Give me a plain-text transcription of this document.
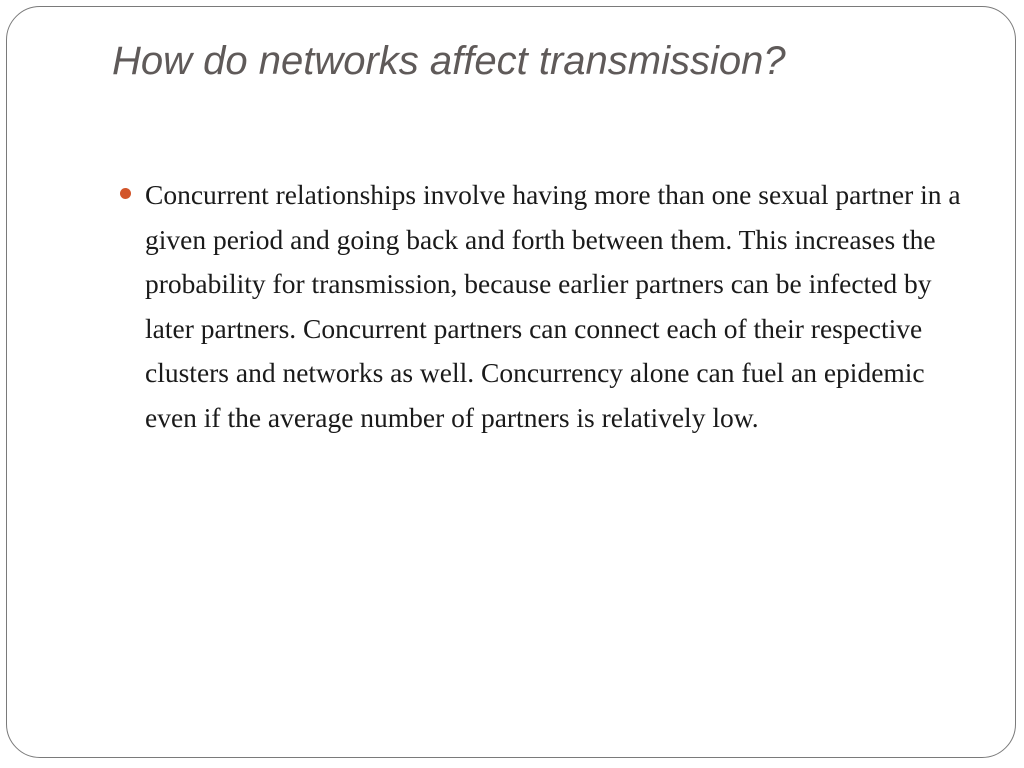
How do networks affect transmission?
Concurrent relationships involve having more than one sexual partner in a given period and going back and forth between them. This increases the probability for transmission, because earlier partners can be infected by later partners. Concurrent partners can connect each of their respective clusters and networks as well. Concurrency alone can fuel an epidemic even if the average number of partners is relatively low.
